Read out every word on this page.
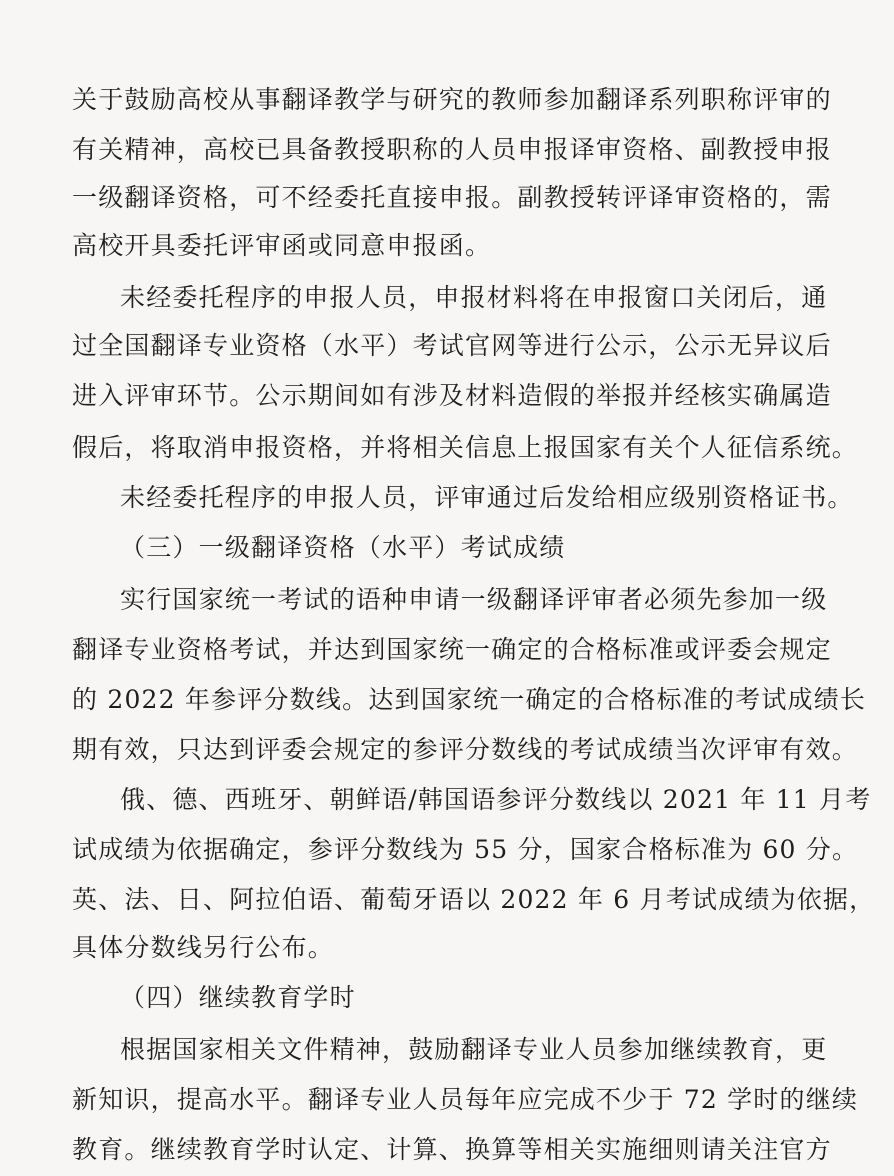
关于鼓励高校从事翻译教学与研究的教师参加翻译系列职称评审的
有关精神，高校已具备教授职称的人员申报译审资格、副教授申报
一级翻译资格，可不经委托直接申报。副教授转评译审资格的，需
高校开具委托评审函或同意申报函。
未经委托程序的申报人员，申报材料将在申报窗口关闭后，通
过全国翻译专业资格（水平）考试官网等进行公示，公示无异议后
进入评审环节。公示期间如有涉及材料造假的举报并经核实确属造
假后，将取消申报资格，并将相关信息上报国家有关个人征信系统。
未经委托程序的申报人员，评审通过后发给相应级别资格证书。
（三）一级翻译资格（水平）考试成绩
实行国家统一考试的语种申请一级翻译评审者必须先参加一级
翻译专业资格考试，并达到国家统一确定的合格标准或评委会规定
的 2022 年参评分数线。达到国家统一确定的合格标准的考试成绩长
期有效，只达到评委会规定的参评分数线的考试成绩当次评审有效。
俄、德、西班牙、朝鲜语/韩国语参评分数线以 2021 年 11 月考
试成绩为依据确定，参评分数线为 55 分，国家合格标准为 60 分。
英、法、日、阿拉伯语、葡萄牙语以 2022 年 6 月考试成绩为依据，
具体分数线另行公布。
（四）继续教育学时
根据国家相关文件精神，鼓励翻译专业人员参加继续教育，更
新知识，提高水平。翻译专业人员每年应完成不少于 72 学时的继续
教育。继续教育学时认定、计算、换算等相关实施细则请关注官方
